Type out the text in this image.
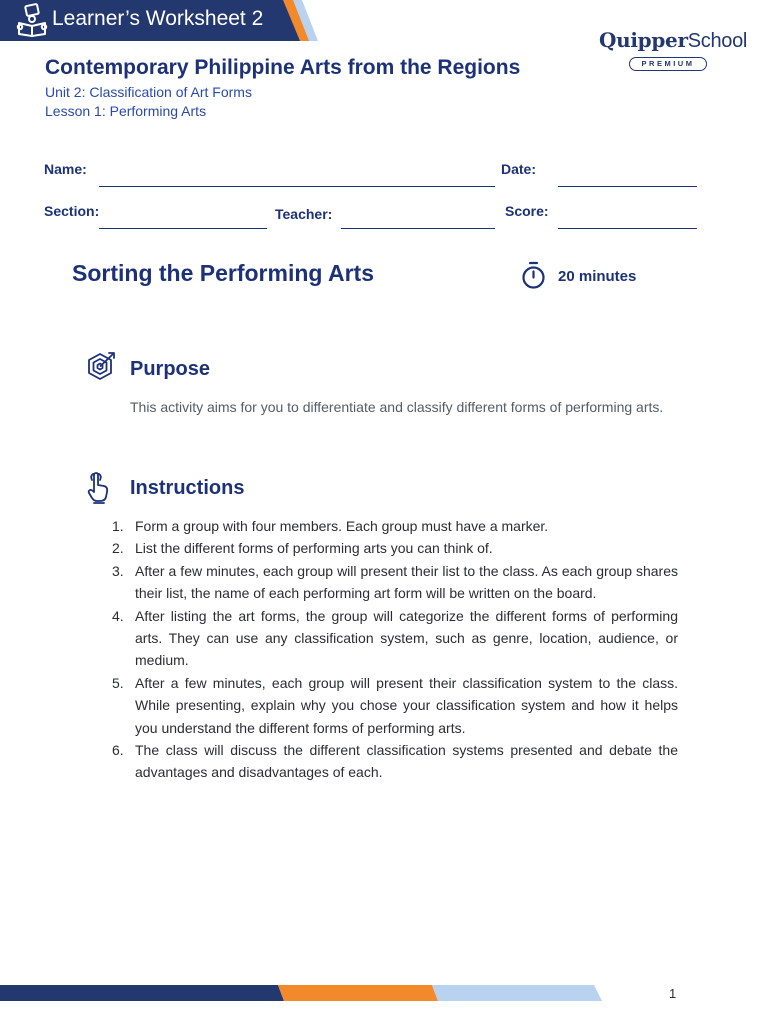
Learner’s Worksheet 2
QuipperSchool
PREMIUM
Contemporary Philippine Arts from the Regions
Unit 2: Classification of Art Forms
Lesson 1: Performing Arts
Name:	Date:
Section:	Teacher:	Score:
Sorting the Performing Arts	20 minutes
Purpose
This activity aims for you to differentiate and classify different forms of performing arts.
Instructions
1. Form a group with four members. Each group must have a marker.
2. List the different forms of performing arts you can think of.
3. After a few minutes, each group will present their list to the class. As each group shares their list, the name of each performing art form will be written on the board.
4. After listing the art forms, the group will categorize the different forms of performing arts. They can use any classification system, such as genre, location, audience, or medium.
5. After a few minutes, each group will present their classification system to the class. While presenting, explain why you chose your classification system and how it helps you understand the different forms of performing arts.
6. The class will discuss the different classification systems presented and debate the advantages and disadvantages of each.
1
